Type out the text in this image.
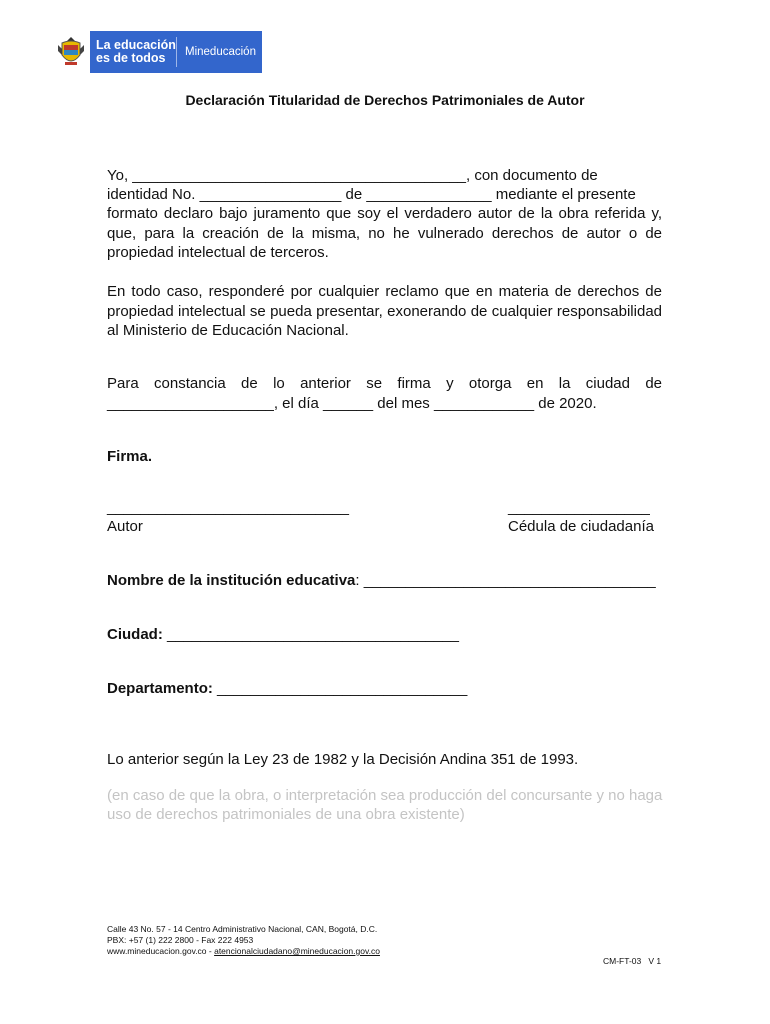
La educación
es de todos	Mineducación
Declaración Titularidad de Derechos Patrimoniales de Autor

Yo, ________________________________________, con documento de

identidad No. _________________ de _______________ mediante el presente

formato declaro bajo juramento que soy el verdadero autor de la obra referida y, que, para la creación de la misma, no he vulnerado derechos de autor o de propiedad intelectual de terceros.

En todo caso, responderé por cualquier reclamo que en materia de derechos de propiedad intelectual se pueda presentar, exonerando de cualquier responsabilidad al Ministerio de Educación Nacional.

Para constancia de lo anterior se firma y otorga en la ciudad de

____________________, el día ______ del mes ____________ de 2020.

Firma.

_____________________________

Autor

_________________

Cédula de ciudadanía

Nombre de la institución educativa: ___________________________________

Ciudad: ___________________________________

Departamento: ______________________________

Lo anterior según la Ley 23 de 1982 y la Decisión Andina 351 de 1993.

(en caso de que la obra, o interpretación sea producción del concursante y no haga

uso de derechos patrimoniales de una obra existente)

Calle 43 No. 57 - 14 Centro Administrativo Nacional, CAN, Bogotá, D.C.
PBX: +57 (1) 222 2800 - Fax 222 4953
www.mineducacion.gov.co - atencionalciudadano@mineducacion.gov.co
CM-FT-03   V 1
